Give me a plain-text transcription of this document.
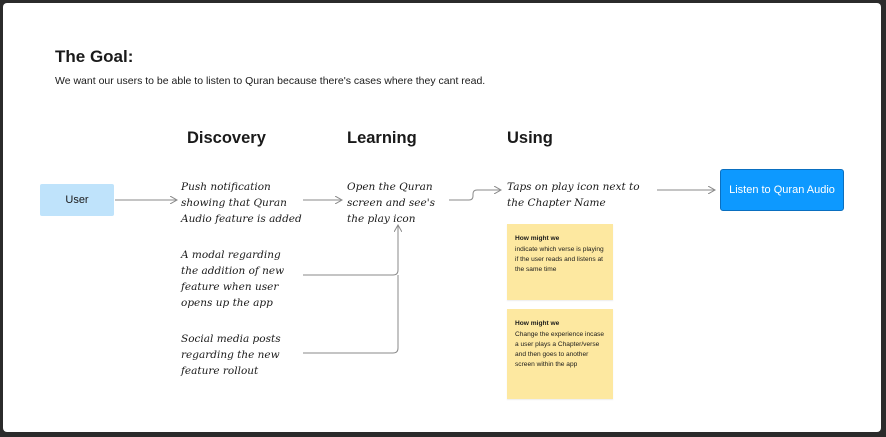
The Goal:
We want our users to be able to listen to Quran because there's cases where they cant read.
Discovery	Learning	Using
User
Push notification
showing that Quran
Audio feature is added
A modal regarding
the addition of new
feature when user
opens up the app
Social media posts
regarding the new
feature rollout
Open the Quran
screen and see's
the play icon
Taps on play icon next to
the Chapter Name
Listen to Quran Audio
How might we
indicate which verse is playing if the user reads and listens at the same time
How might we
Change the experience incase a user plays a Chapter/verse and then goes to another screen within the app
